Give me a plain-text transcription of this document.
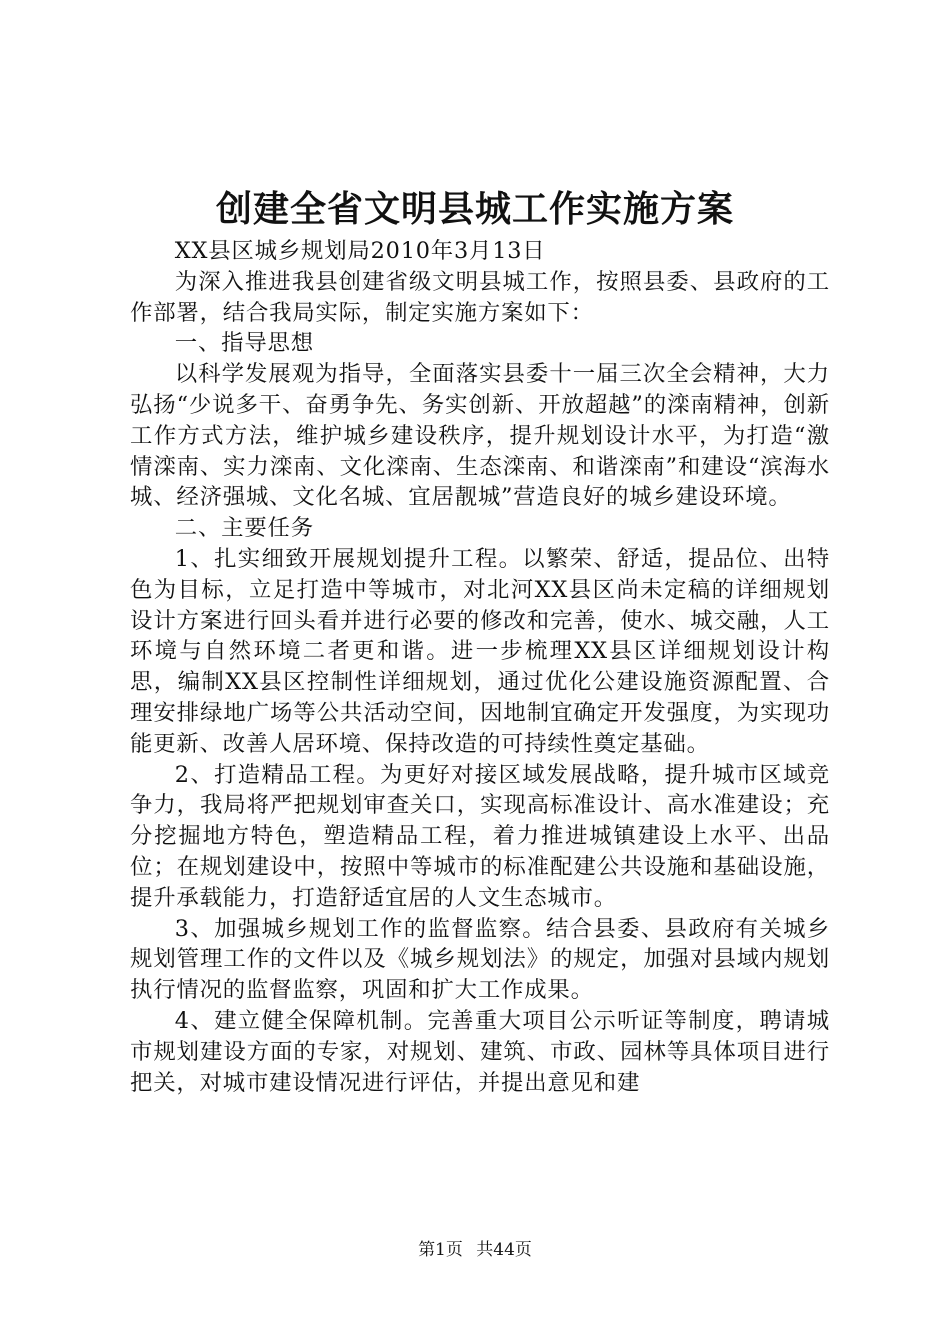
创建全省文明县城工作实施方案

XX县区城乡规划局2010年3月13日

为深入推进我县创建省级文明县城工作，按照县委、县政府的工作部署，结合我局实际，制定实施方案如下：

一、指导思想

以科学发展观为指导，全面落实县委十一届三次全会精神，大力弘扬“少说多干、奋勇争先、务实创新、开放超越”的滦南精神，创新工作方式方法，维护城乡建设秩序，提升规划设计水平，为打造“激情滦南、实力滦南、文化滦南、生态滦南、和谐滦南”和建设“滨海水城、经济强城、文化名城、宜居靓城”营造良好的城乡建设环境。

二、主要任务

1、扎实细致开展规划提升工程。以繁荣、舒适，提品位、出特色为目标，立足打造中等城市，对北河XX县区尚未定稿的详细规划设计方案进行回头看并进行必要的修改和完善，使水、城交融，人工环境与自然环境二者更和谐。进一步梳理XX县区详细规划设计构思，编制XX县区控制性详细规划，通过优化公建设施资源配置、合理安排绿地广场等公共活动空间，因地制宜确定开发强度，为实现功能更新、改善人居环境、保持改造的可持续性奠定基础。

2、打造精品工程。为更好对接区域发展战略，提升城市区域竞争力，我局将严把规划审查关口，实现高标准设计、高水准建设；充分挖掘地方特色，塑造精品工程，着力推进城镇建设上水平、出品位；在规划建设中，按照中等城市的标准配建公共设施和基础设施，提升承载能力，打造舒适宜居的人文生态城市。

3、加强城乡规划工作的监督监察。结合县委、县政府有关城乡规划管理工作的文件以及《城乡规划法》的规定，加强对县域内规划执行情况的监督监察，巩固和扩大工作成果。

4、建立健全保障机制。完善重大项目公示听证等制度，聘请城市规划建设方面的专家，对规划、建筑、市政、园林等具体项目进行把关，对城市建设情况进行评估，并提出意见和建

第1页 共44页
